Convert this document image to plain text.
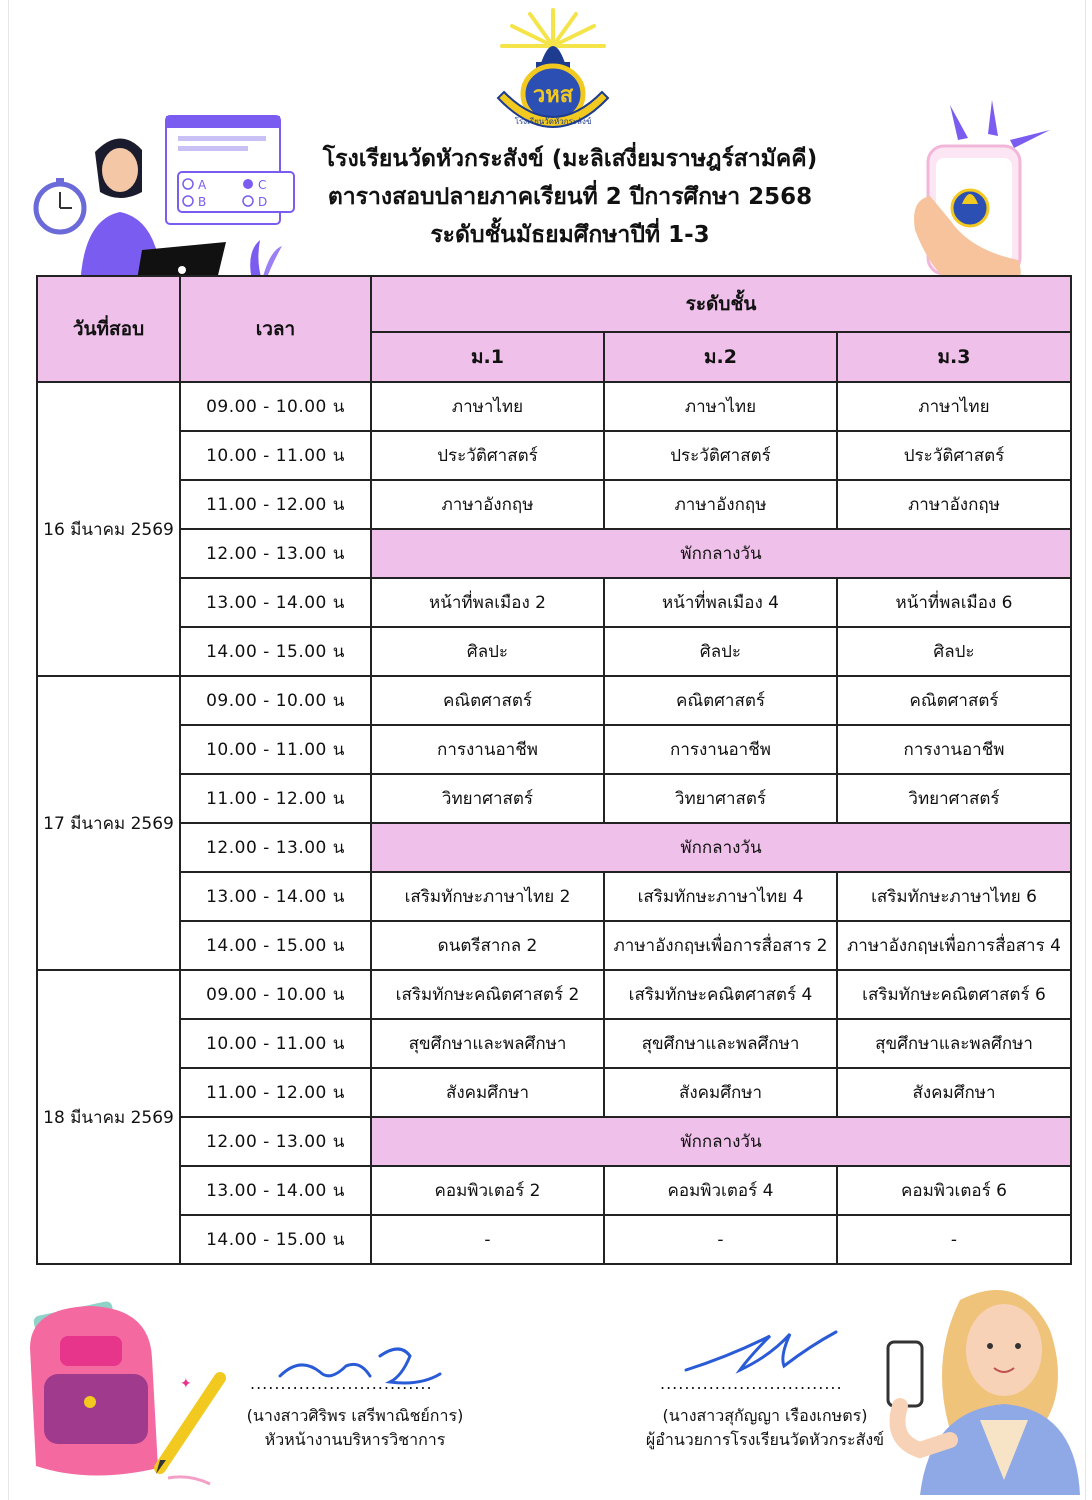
วหส
โรงเรียนวัดหัวกระสังข์
โรงเรียนวัดหัวกระสังข์ (มะลิเสงี่ยมราษฎร์สามัคคี)
ตารางสอบปลายภาคเรียนที่ 2 ปีการศึกษา 2568
ระดับชั้นมัธยมศึกษาปีที่ 1-3
A
B
C
D
วันที่สอบ	เวลา	ระดับชั้น		
		ม.1	ม.2	ม.3
16 มีนาคม 2569	09.00 - 10.00 น	ภาษาไทย	ภาษาไทย	ภาษาไทย
	10.00 - 11.00 น	ประวัติศาสตร์	ประวัติศาสตร์	ประวัติศาสตร์
	11.00 - 12.00 น	ภาษาอังกฤษ	ภาษาอังกฤษ	ภาษาอังกฤษ
	12.00 - 13.00 น	พักกลางวัน		
	13.00 - 14.00 น	หน้าที่พลเมือง 2	หน้าที่พลเมือง 4	หน้าที่พลเมือง 6
	14.00 - 15.00 น	ศิลปะ	ศิลปะ	ศิลปะ
17 มีนาคม 2569	09.00 - 10.00 น	คณิตศาสตร์	คณิตศาสตร์	คณิตศาสตร์
	10.00 - 11.00 น	การงานอาชีพ	การงานอาชีพ	การงานอาชีพ
	11.00 - 12.00 น	วิทยาศาสตร์	วิทยาศาสตร์	วิทยาศาสตร์
	12.00 - 13.00 น	พักกลางวัน		
	13.00 - 14.00 น	เสริมทักษะภาษาไทย 2	เสริมทักษะภาษาไทย 4	เสริมทักษะภาษาไทย 6
	14.00 - 15.00 น	ดนตรีสากล 2	ภาษาอังกฤษเพื่อการสื่อสาร 2	ภาษาอังกฤษเพื่อการสื่อสาร 4
18 มีนาคม 2569	09.00 - 10.00 น	เสริมทักษะคณิตศาสตร์ 2	เสริมทักษะคณิตศาสตร์ 4	เสริมทักษะคณิตศาสตร์ 6
	10.00 - 11.00 น	สุขศึกษาและพลศึกษา	สุขศึกษาและพลศึกษา	สุขศึกษาและพลศึกษา
	11.00 - 12.00 น	สังคมศึกษา	สังคมศึกษา	สังคมศึกษา
	12.00 - 13.00 น	พักกลางวัน		
	13.00 - 14.00 น	คอมพิวเตอร์ 2	คอมพิวเตอร์ 4	คอมพิวเตอร์ 6
	14.00 - 15.00 น	-	-	-
✦	..............................
(นางสาวศิริพร เสรีพาณิชย์การ)
หัวหน้างานบริหารวิชาการ
..............................
(นางสาวสุกัญญา เรืองเกษตร)
ผู้อำนวยการโรงเรียนวัดหัวกระสังข์
